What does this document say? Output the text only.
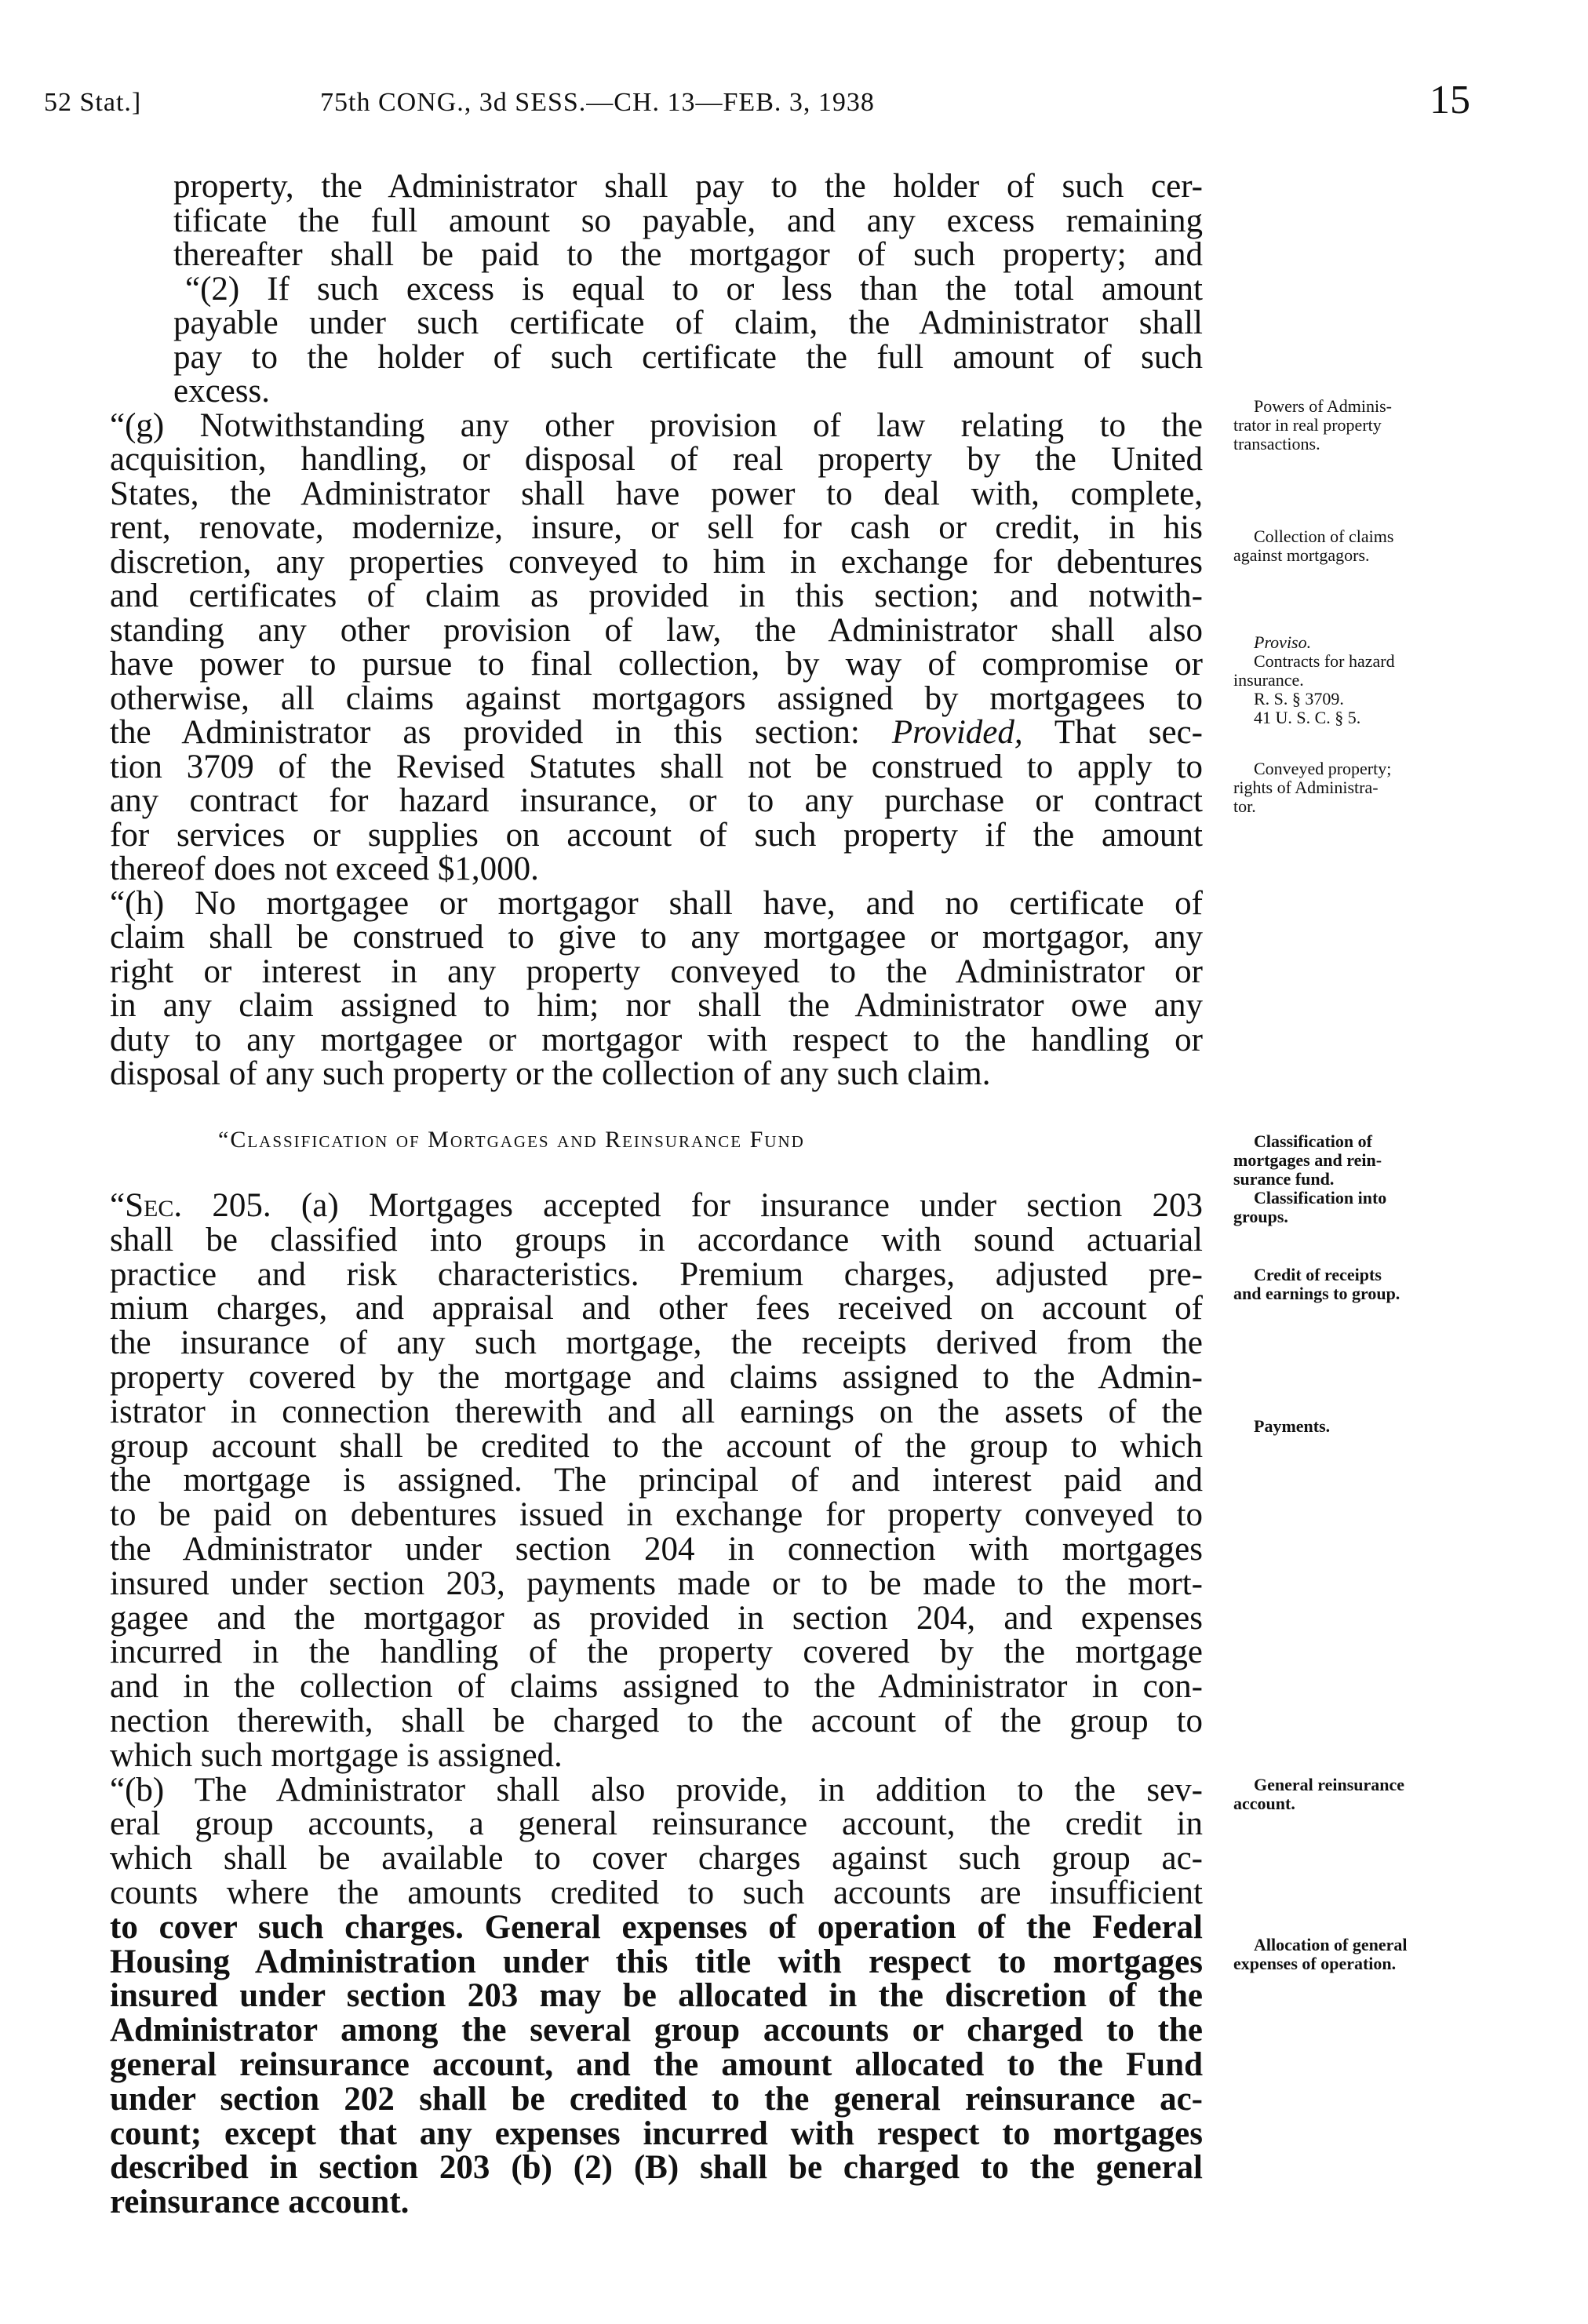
52 Stat.]	75th CONG., 3d SESS.—CH. 13—FEB. 3, 1938	15
property, the Administrator shall pay to the holder of such cer-
tificate the full amount so payable, and any excess remaining
thereafter shall be paid to the mortgagor of such property; and
“(2) If such excess is equal to or less than the total amount
payable under such certificate of claim, the Administrator shall
pay to the holder of such certificate the full amount of such
excess.
“(g) Notwithstanding any other provision of law relating to the
acquisition, handling, or disposal of real property by the United
States, the Administrator shall have power to deal with, complete,
rent, renovate, modernize, insure, or sell for cash or credit, in his
discretion, any properties conveyed to him in exchange for debentures
and certificates of claim as provided in this section; and notwith-
standing any other provision of law, the Administrator shall also
have power to pursue to final collection, by way of compromise or
otherwise, all claims against mortgagors assigned by mortgagees to
the Administrator as provided in this section: Provided, That sec-
tion 3709 of the Revised Statutes shall not be construed to apply to
any contract for hazard insurance, or to any purchase or contract
for services or supplies on account of such property if the amount
thereof does not exceed $1,000.
“(h) No mortgagee or mortgagor shall have, and no certificate of
claim shall be construed to give to any mortgagee or mortgagor, any
right or interest in any property conveyed to the Administrator or
in any claim assigned to him; nor shall the Administrator owe any
duty to any mortgagee or mortgagor with respect to the handling or
disposal of any such property or the collection of any such claim.
“Sec. 205. (a) Mortgages accepted for insurance under section 203
shall be classified into groups in accordance with sound actuarial
practice and risk characteristics. Premium charges, adjusted pre-
mium charges, and appraisal and other fees received on account of
the insurance of any such mortgage, the receipts derived from the
property covered by the mortgage and claims assigned to the Admin-
istrator in connection therewith and all earnings on the assets of the
group account shall be credited to the account of the group to which
the mortgage is assigned. The principal of and interest paid and
to be paid on debentures issued in exchange for property conveyed to
the Administrator under section 204 in connection with mortgages
insured under section 203, payments made or to be made to the mort-
gagee and the mortgagor as provided in section 204, and expenses
incurred in the handling of the property covered by the mortgage
and in the collection of claims assigned to the Administrator in con-
nection therewith, shall be charged to the account of the group to
which such mortgage is assigned.
“(b) The Administrator shall also provide, in addition to the sev-
eral group accounts, a general reinsurance account, the credit in
which shall be available to cover charges against such group ac-
counts where the amounts credited to such accounts are insufficient
to cover such charges. General expenses of operation of the Federal
Housing Administration under this title with respect to mortgages
insured under section 203 may be allocated in the discretion of the
Administrator among the several group accounts or charged to the
general reinsurance account, and the amount allocated to the Fund
under section 202 shall be credited to the general reinsurance ac-
count; except that any expenses incurred with respect to mortgages
described in section 203 (b) (2) (B) shall be charged to the general
reinsurance account.
“Classification of Mortgages and Reinsurance Fund
Powers of Adminis-
trator in real property
transactions.
Collection of claims
against mortgagors.
Proviso.
Contracts for hazard
insurance.
R. S. § 3709.
41 U. S. C. § 5.
Conveyed property;
rights of Administra-
tor.
Classification of
mortgages and rein-
surance fund.
Classification into
groups.
Credit of receipts
and earnings to group.
Payments.
General reinsurance
account.
Allocation of general
expenses of operation.
